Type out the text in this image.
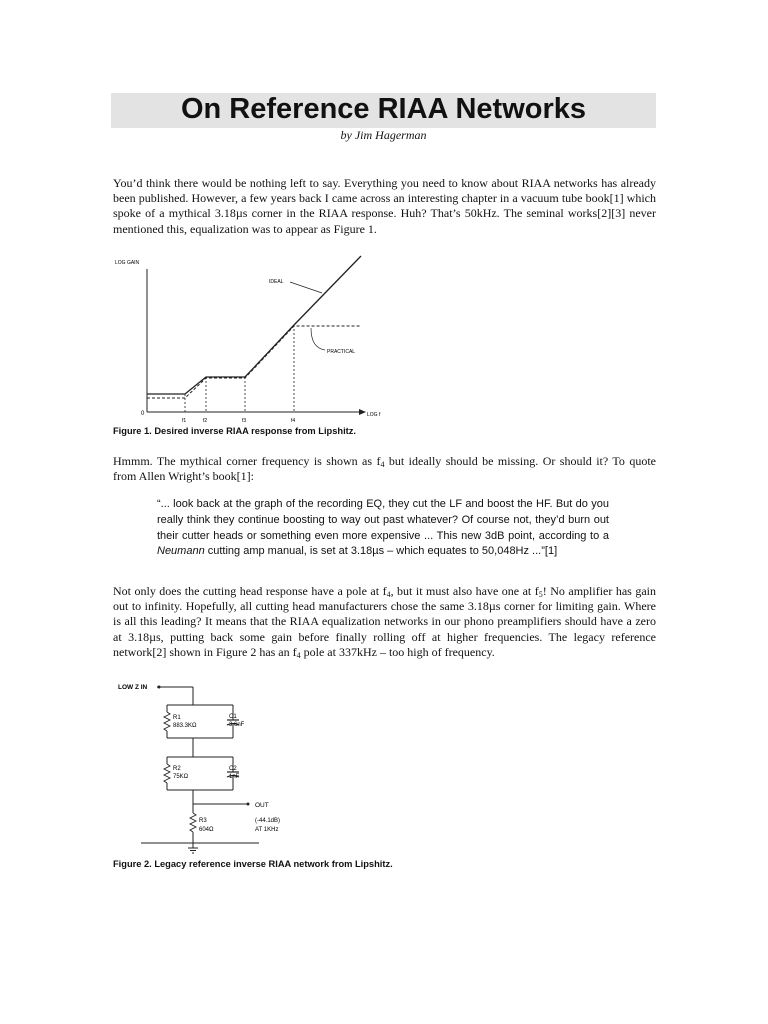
On Reference RIAA Networks
by Jim Hagerman

You’d think there would be nothing left to say. Everything you need to know about RIAA networks has already been published. However, a few years back I came across an interesting chapter in a vacuum tube book[1] which spoke of a mythical 3.18µs corner in the RIAA response. Huh? That’s 50kHz. The seminal works[2][3] never mentioned this, equalization was to appear as Figure 1.

LOG GAIN
0	LOG f
f1	f2	f3	f4
IDEAL
PRACTICAL

Figure 1. Desired inverse RIAA response from Lipshitz.

Hmmm. The mythical corner frequency is shown as $f_4$ but ideally should be missing. Or should it? To quote from Allen Wright’s book[1]:

“... look back at the graph of the recording EQ, they cut the LF and boost the HF. But do you really think they continue boosting to way out past whatever? Of course not, they’d burn out their cutter heads or something even more expensive ... This new 3dB point, according to a Neumann cutting amp manual, is set at 3.18µs – which equates to 50,048Hz ...”[1]

Not only does the cutting head response have a pole at $f_4$, but it must also have one at $f_5$! No amplifier has gain out to infinity. Hopefully, all cutting head manufacturers chose the same 3.18µs corner for limiting gain. Where is all this leading? It means that the RIAA equalization networks in our phono preamplifiers should have a zero at 3.18µs, putting back some gain before finally rolling off at higher frequencies. The legacy reference network[2] shown in Figure 2 has an $f_4$ pole at 337kHz – too high of frequency.

LOW Z IN
R1
883.3KΩ
C1
3.6nF
R2
75KΩ
C2
1nF
OUT
(-44.1dB)
AT 1KHz
R3
604Ω

Figure 2. Legacy reference inverse RIAA network from Lipshitz.
